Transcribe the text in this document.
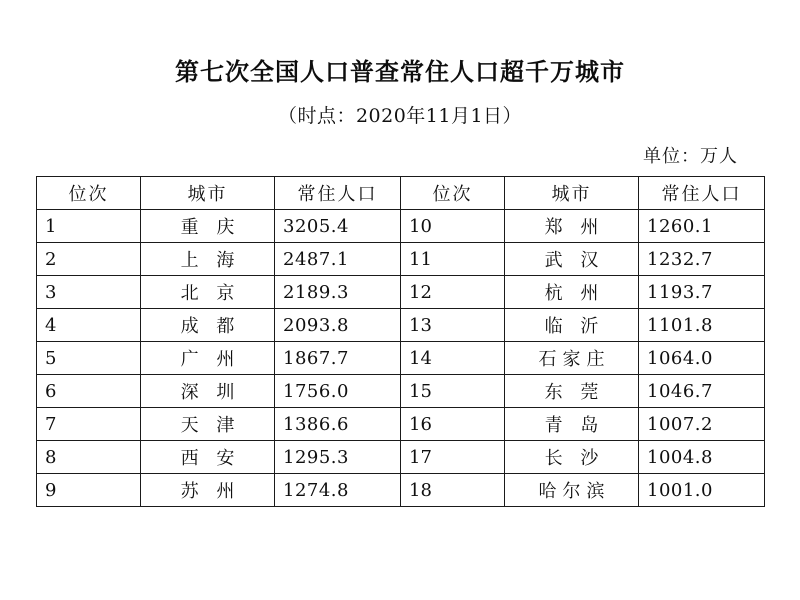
第七次全国人口普查常住人口超千万城市
（时点：2020年11月1日）
单位：万人
位次	城市	常住人口	位次	城市	常住人口
1	重 庆	3205.4	10	郑 州	1260.1
2	上 海	2487.1	11	武 汉	1232.7
3	北 京	2189.3	12	杭 州	1193.7
4	成 都	2093.8	13	临 沂	1101.8
5	广 州	1867.7	14	石家庄	1064.0
6	深 圳	1756.0	15	东 莞	1046.7
7	天 津	1386.6	16	青 岛	1007.2
8	西 安	1295.3	17	长 沙	1004.8
9	苏 州	1274.8	18	哈尔滨	1001.0
